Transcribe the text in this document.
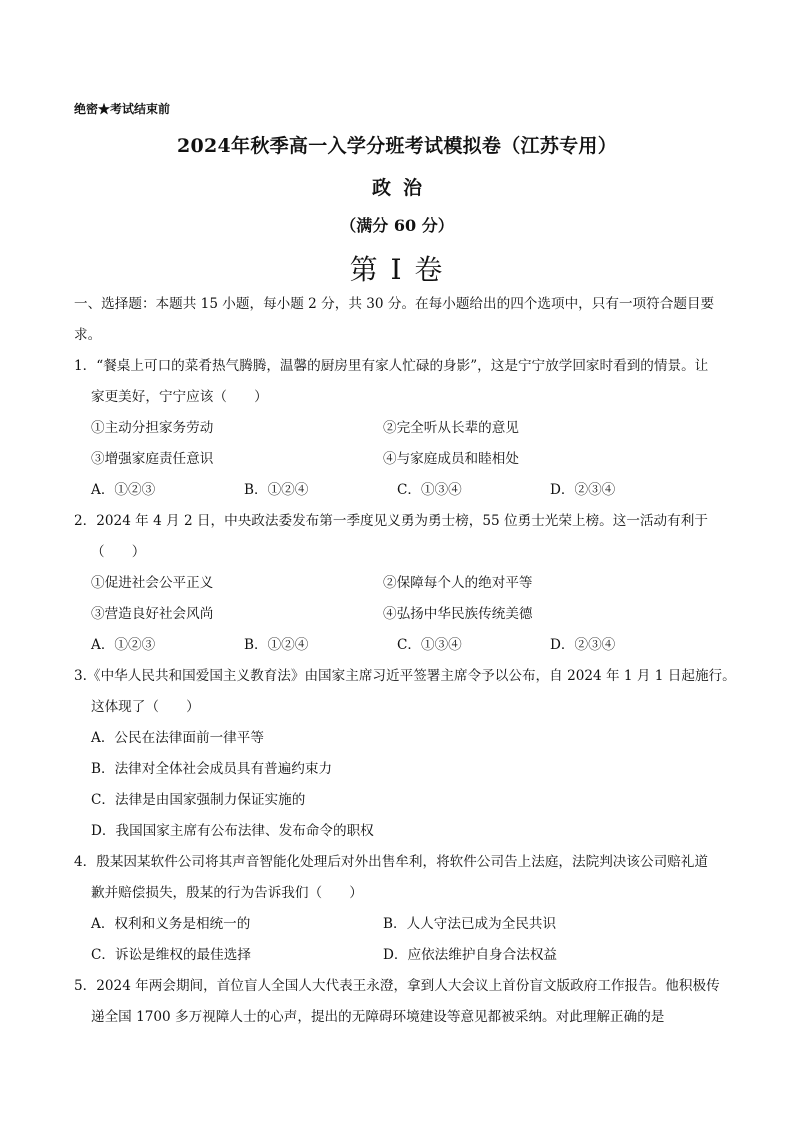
绝密★考试结束前
2024年秋季高一入学分班考试模拟卷（江苏专用）
政治
（满分 60 分）
第 I 卷
一、选择题：本题共 15 小题，每小题 2 分，共 30 分。在每小题给出的四个选项中，只有一项符合题目要
求。
1．“餐桌上可口的菜肴热气腾腾，温馨的厨房里有家人忙碌的身影”，这是宁宁放学回家时看到的情景。让
家更美好，宁宁应该（　　）
①主动分担家务劳动	②完全听从长辈的意见
③增强家庭责任意识	④与家庭成员和睦相处
A．①②③	B．①②④	C．①③④	D．②③④
2．2024 年 4 月 2 日，中央政法委发布第一季度见义勇为勇士榜，55 位勇士光荣上榜。这一活动有利于
（　　）
①促进社会公平正义	②保障每个人的绝对平等
③营造良好社会风尚	④弘扬中华民族传统美德
A．①②③	B．①②④	C．①③④	D．②③④
3.《中华人民共和国爱国主义教育法》由国家主席习近平签署主席令予以公布，自 2024 年 1 月 1 日起施行。
这体现了（　　）
A．公民在法律面前一律平等
B．法律对全体社会成员具有普遍约束力
C．法律是由国家强制力保证实施的
D．我国国家主席有公布法律、发布命令的职权
4．殷某因某软件公司将其声音智能化处理后对外出售牟利，将软件公司告上法庭，法院判决该公司赔礼道
歉并赔偿损失，殷某的行为告诉我们（　　）
A．权利和义务是相统一的	B．人人守法已成为全民共识
C．诉讼是维权的最佳选择	D．应依法维护自身合法权益
5．2024 年两会期间，首位盲人全国人大代表王永澄，拿到人大会议上首份盲文版政府工作报告。他积极传
递全国 1700 多万视障人士的心声，提出的无障碍环境建设等意见都被采纳。对此理解正确的是
